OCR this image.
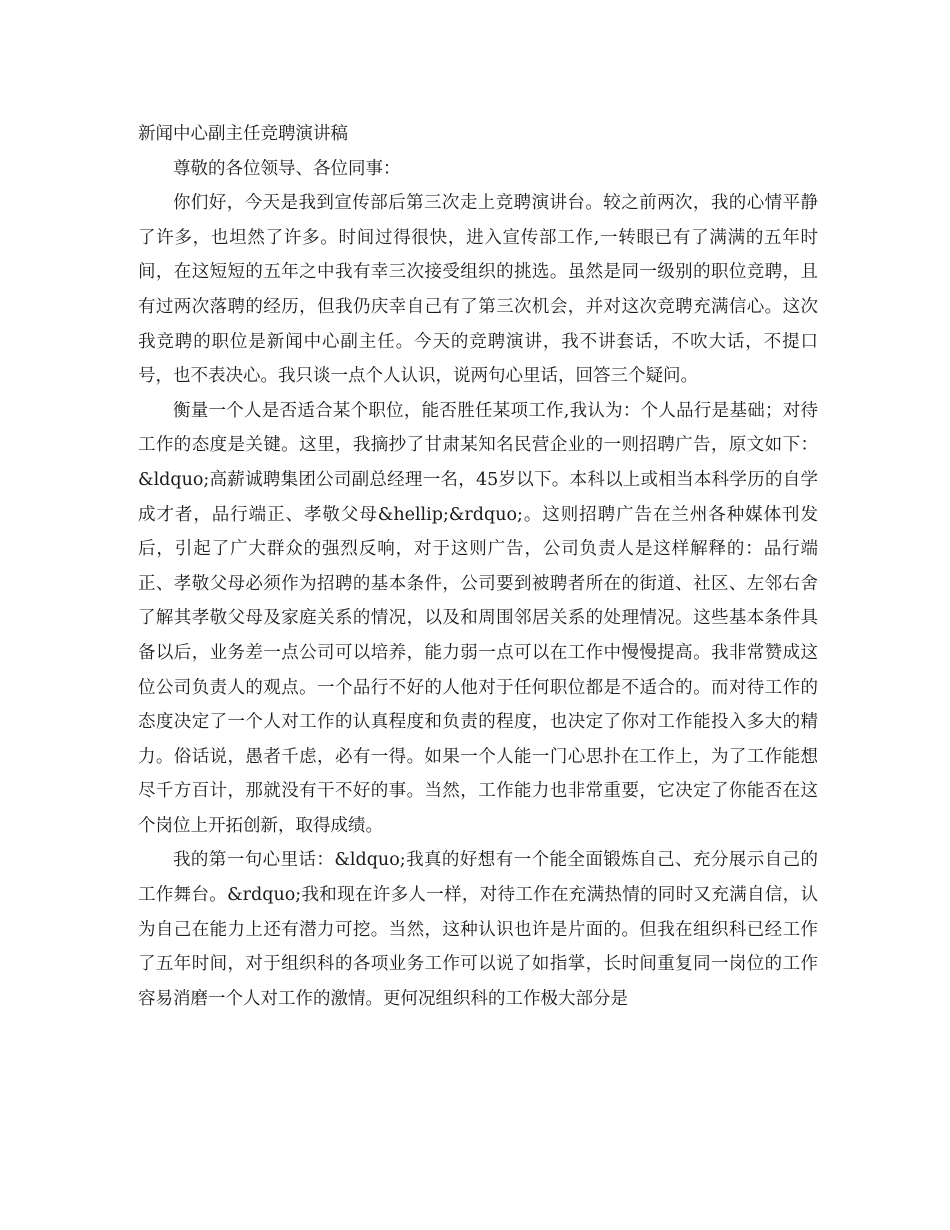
新闻中心副主任竞聘演讲稿

尊敬的各位领导、各位同事：

你们好，今天是我到宣传部后第三次走上竞聘演讲台。较之前两次，我的心情平静了许多，也坦然了许多。时间过得很快，进入宣传部工作,一转眼已有了满满的五年时间，在这短短的五年之中我有幸三次接受组织的挑选。虽然是同一级别的职位竞聘，且有过两次落聘的经历，但我仍庆幸自己有了第三次机会，并对这次竞聘充满信心。这次我竞聘的职位是新闻中心副主任。今天的竞聘演讲，我不讲套话，不吹大话，不提口号，也不表决心。我只谈一点个人认识，说两句心里话，回答三个疑问。

衡量一个人是否适合某个职位，能否胜任某项工作,我认为：个人品行是基础；对待工作的态度是关键。这里，我摘抄了甘肃某知名民营企业的一则招聘广告，原文如下：&ldquo;高薪诚聘集团公司副总经理一名，45岁以下。本科以上或相当本科学历的自学成才者，品行端正、孝敬父母&hellip;&rdquo;。这则招聘广告在兰州各种媒体刊发后，引起了广大群众的强烈反响，对于这则广告，公司负责人是这样解释的：品行端正、孝敬父母必须作为招聘的基本条件，公司要到被聘者所在的街道、社区、左邻右舍了解其孝敬父母及家庭关系的情况，以及和周围邻居关系的处理情况。这些基本条件具备以后，业务差一点公司可以培养，能力弱一点可以在工作中慢慢提高。我非常赞成这位公司负责人的观点。一个品行不好的人他对于任何职位都是不适合的。而对待工作的态度决定了一个人对工作的认真程度和负责的程度，也决定了你对工作能投入多大的精力。俗话说，愚者千虑，必有一得。如果一个人能一门心思扑在工作上，为了工作能想尽千方百计，那就没有干不好的事。当然，工作能力也非常重要，它决定了你能否在这个岗位上开拓创新，取得成绩。

我的第一句心里话：&ldquo;我真的好想有一个能全面锻炼自己、充分展示自己的工作舞台。&rdquo;我和现在许多人一样，对待工作在充满热情的同时又充满自信，认为自己在能力上还有潜力可挖。当然，这种认识也许是片面的。但我在组织科已经工作了五年时间，对于组织科的各项业务工作可以说了如指掌，长时间重复同一岗位的工作容易消磨一个人对工作的激情。更何况组织科的工作极大部分是
